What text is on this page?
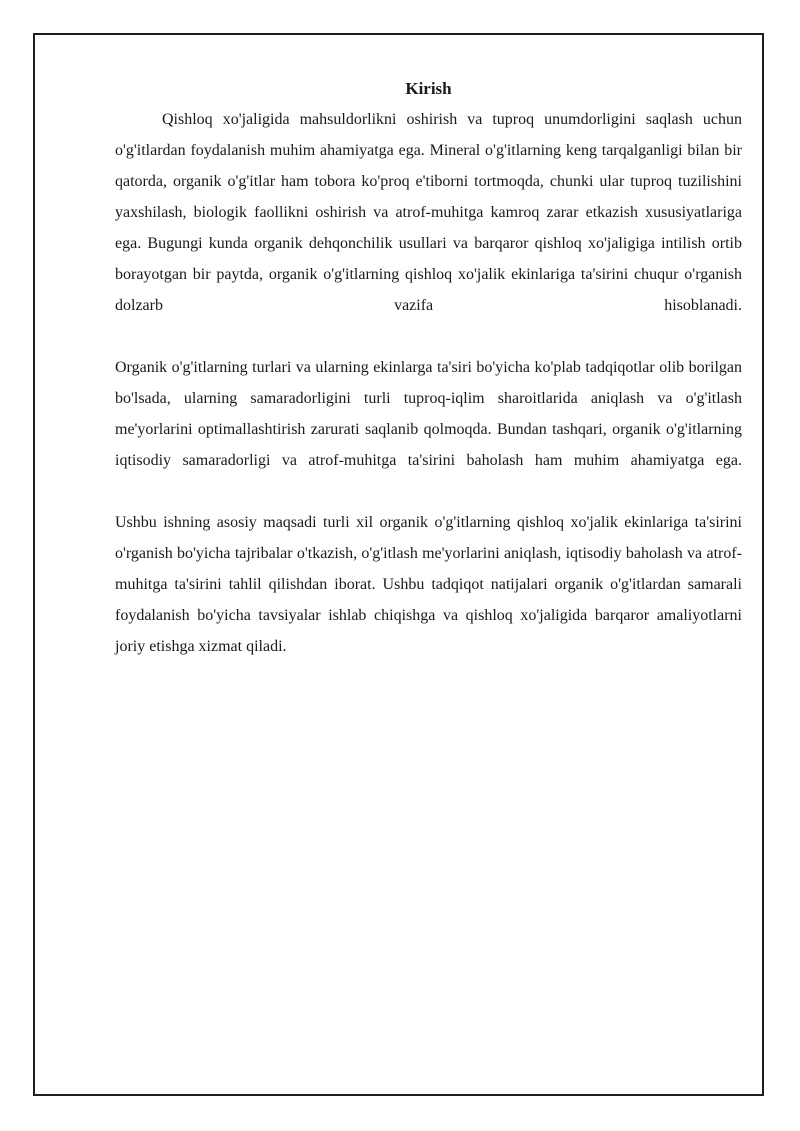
Kirish

Qishloq xo'jaligida mahsuldorlikni oshirish va tuproq unumdorligini saqlash uchun o'g'itlardan foydalanish muhim ahamiyatga ega. Mineral o'g'itlarning keng tarqalganligi bilan bir qatorda, organik o'g'itlar ham tobora ko'proq e'tiborni tortmoqda, chunki ular tuproq tuzilishini yaxshilash, biologik faollikni oshirish va atrof-muhitga kamroq zarar etkazish xususiyatlariga ega. Bugungi kunda organik dehqonchilik usullari va barqaror qishloq xo'jaligiga intilish ortib borayotgan bir paytda, organik o'g'itlarning qishloq xo'jalik ekinlariga ta'sirini chuqur o'rganish dolzarb vazifa hisoblanadi.

Organik o'g'itlarning turlari va ularning ekinlarga ta'siri bo'yicha ko'plab tadqiqotlar olib borilgan bo'lsada, ularning samaradorligini turli tuproq-iqlim sharoitlarida aniqlash va o'g'itlash me'yorlarini optimallashtirish zarurati saqlanib qolmoqda. Bundan tashqari, organik o'g'itlarning iqtisodiy samaradorligi va atrof-muhitga ta'sirini baholash ham muhim ahamiyatga ega.

Ushbu ishning asosiy maqsadi turli xil organik o'g'itlarning qishloq xo'jalik ekinlariga ta'sirini o'rganish bo'yicha tajribalar o'tkazish, o'g'itlash me'yorlarini aniqlash, iqtisodiy baholash va atrof-muhitga ta'sirini tahlil qilishdan iborat. Ushbu tadqiqot natijalari organik o'g'itlardan samarali foydalanish bo'yicha tavsiyalar ishlab chiqishga va qishloq xo'jaligida barqaror amaliyotlarni joriy etishga xizmat qiladi.
